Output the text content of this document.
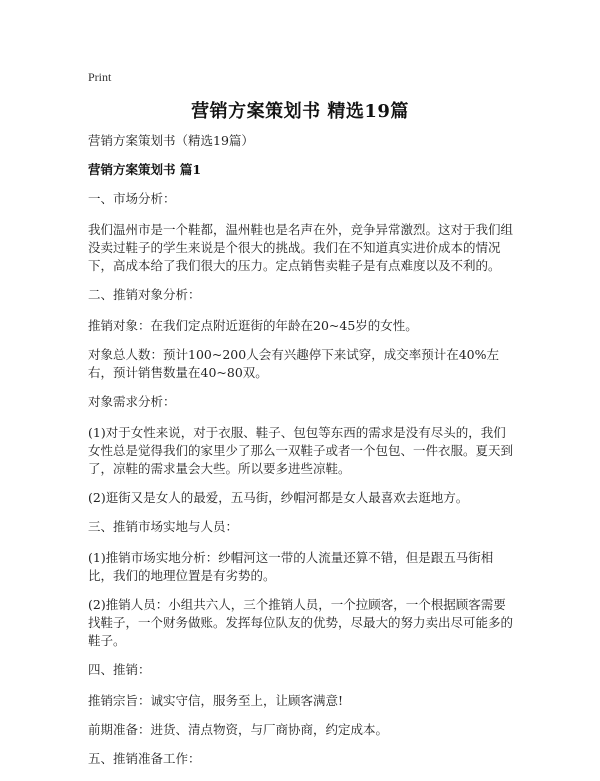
Print
营销方案策划书 精选19篇

营销方案策划书（精选19篇）

营销方案策划书 篇1

一、市场分析：

我们温州市是一个鞋都，温州鞋也是名声在外，竞争异常激烈。这对于我们组没卖过鞋子的学生来说是个很大的挑战。我们在不知道真实进价成本的情况下，高成本给了我们很大的压力。定点销售卖鞋子是有点难度以及不利的。

二、推销对象分析：

推销对象：在我们定点附近逛街的年龄在20~45岁的女性。

对象总人数：预计100~200人会有兴趣停下来试穿，成交率预计在40%左右，预计销售数量在40~80双。

对象需求分析：

(1)对于女性来说，对于衣服、鞋子、包包等东西的需求是没有尽头的，我们女性总是觉得我们的家里少了那么一双鞋子或者一个包包、一件衣服。夏天到了，凉鞋的需求量会大些。所以要多进些凉鞋。

(2)逛街又是女人的最爱，五马街，纱帽河都是女人最喜欢去逛地方。

三、推销市场实地与人员：

(1)推销市场实地分析：纱帽河这一带的人流量还算不错，但是跟五马街相比，我们的地理位置是有劣势的。

(2)推销人员：小组共六人，三个推销人员，一个拉顾客，一个根据顾客需要找鞋子，一个财务做账。发挥每位队友的优势，尽最大的努力卖出尽可能多的鞋子。

四、推销：

推销宗旨：诚实守信，服务至上，让顾客满意!

前期准备：进货、清点物资，与厂商协商，约定成本。

五、推销准备工作：
